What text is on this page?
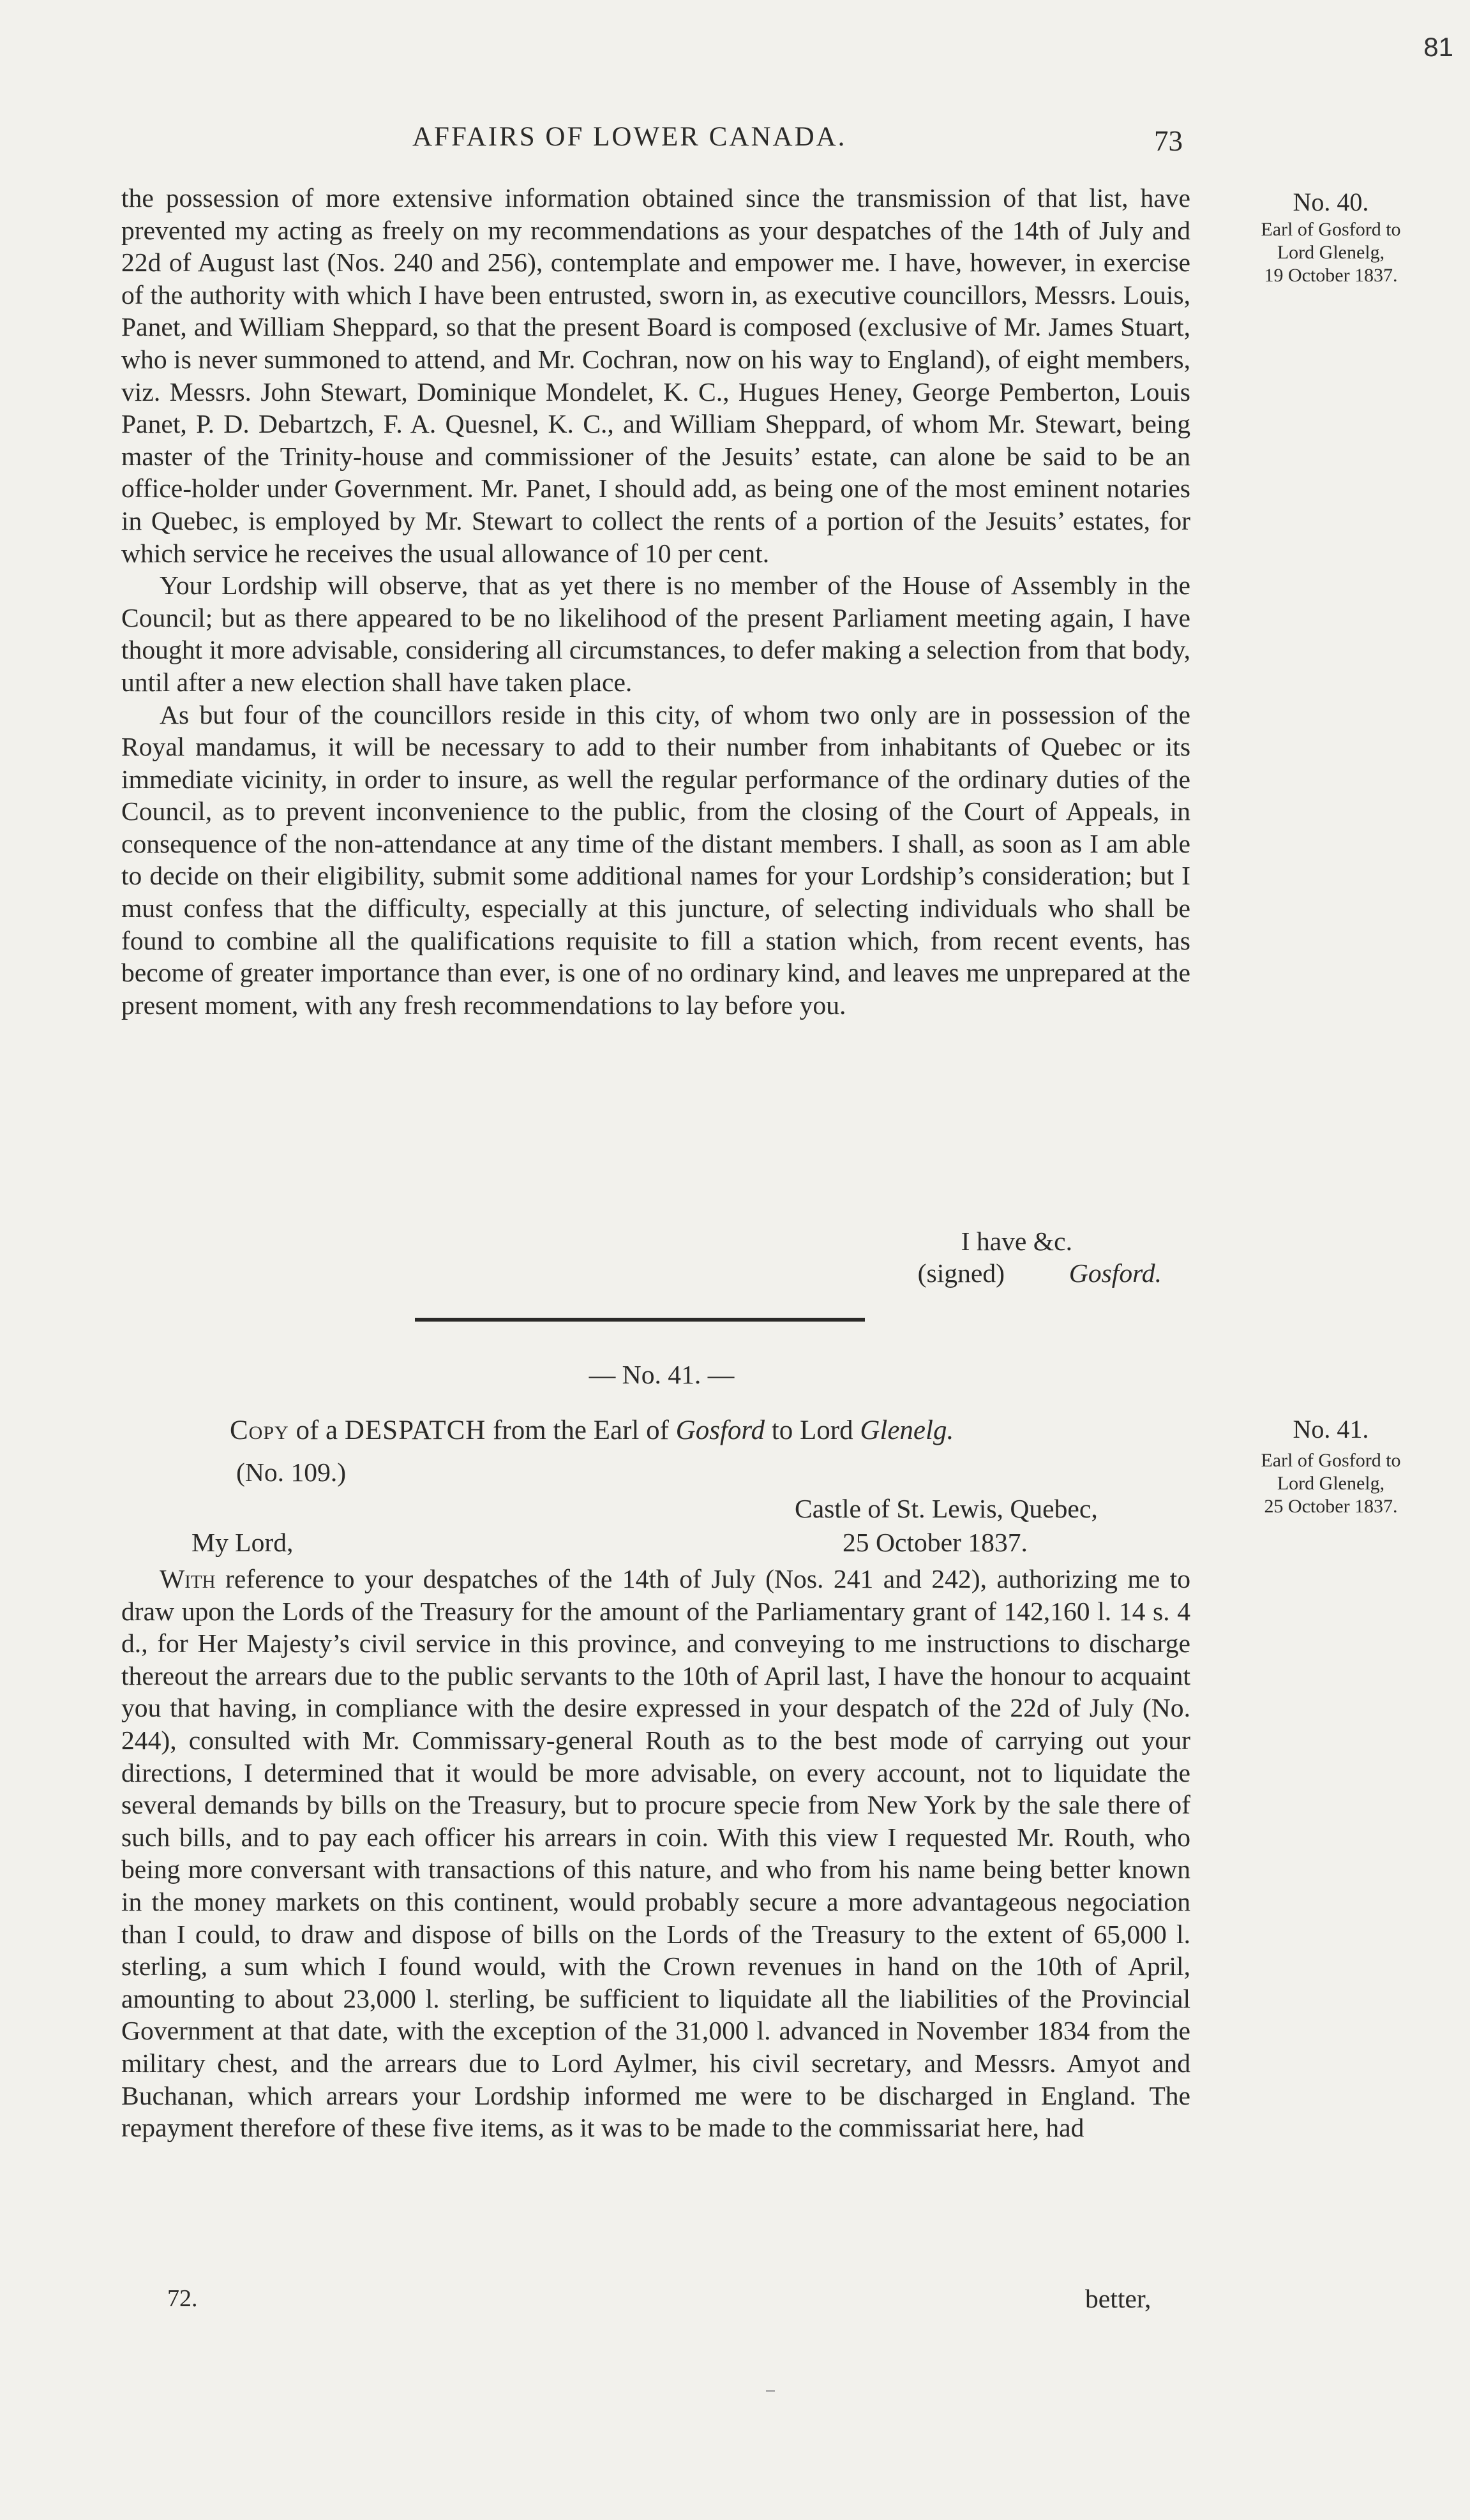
81
AFFAIRS OF LOWER CANADA.	73

the possession of more extensive information obtained since the transmission of that list, have prevented my acting as freely on my recommendations as your despatches of the 14th of July and 22d of August last (Nos. 240 and 256), contemplate and empower me. I have, however, in exercise of the authority with which I have been entrusted, sworn in, as executive councillors, Messrs. Louis, Panet, and William Sheppard, so that the present Board is composed (exclusive of Mr. James Stuart, who is never summoned to attend, and Mr. Cochran, now on his way to England), of eight members, viz. Messrs. John Stewart, Dominique Mondelet, K. C., Hugues Heney, George Pemberton, Louis Panet, P. D. Debartzch, F. A. Quesnel, K. C., and William Sheppard, of whom Mr. Stewart, being master of the Trinity-house and commissioner of the Jesuits’ estate, can alone be said to be an office-holder under Government. Mr. Panet, I should add, as being one of the most eminent notaries in Quebec, is employed by Mr. Stewart to collect the rents of a portion of the Jesuits’ estates, for which service he receives the usual allowance of 10 per cent.

Your Lordship will observe, that as yet there is no member of the House of Assembly in the Council; but as there appeared to be no likelihood of the present Parliament meeting again, I have thought it more advisable, considering all circumstances, to defer making a selection from that body, until after a new election shall have taken place.

As but four of the councillors reside in this city, of whom two only are in possession of the Royal mandamus, it will be necessary to add to their number from inhabitants of Quebec or its immediate vicinity, in order to insure, as well the regular performance of the ordinary duties of the Council, as to prevent inconvenience to the public, from the closing of the Court of Appeals, in consequence of the non-attendance at any time of the distant members. I shall, as soon as I am able to decide on their eligibility, submit some additional names for your Lordship’s consideration; but I must confess that the difficulty, especially at this juncture, of selecting individuals who shall be found to combine all the qualifications requisite to fill a station which, from recent events, has become of greater importance than ever, is one of no ordinary kind, and leaves me unprepared at the present moment, with any fresh recommendations to lay before you.

No. 40.
Earl of Gosford to
Lord Glenelg,
19 October 1837.
I have &c.
(signed) Gosford.
— No. 41. —
Copy of a DESPATCH from the Earl of Gosford to Lord Glenelg.	No. 41.
Earl of Gosford to
Lord Glenelg,
25 October 1837.
(No. 109.)
Castle of St. Lewis, Quebec,
My Lord,	25 October 1837.

With reference to your despatches of the 14th of July (Nos. 241 and 242), authorizing me to draw upon the Lords of the Treasury for the amount of the Parliamentary grant of 142,160 l. 14 s. 4 d., for Her Majesty’s civil service in this province, and conveying to me instructions to discharge thereout the arrears due to the public servants to the 10th of April last, I have the honour to acquaint you that having, in compliance with the desire expressed in your despatch of the 22d of July (No. 244), consulted with Mr. Commissary-general Routh as to the best mode of carrying out your directions, I determined that it would be more advisable, on every account, not to liquidate the several demands by bills on the Treasury, but to procure specie from New York by the sale there of such bills, and to pay each officer his arrears in coin. With this view I requested Mr. Routh, who being more conversant with transactions of this nature, and who from his name being better known in the money markets on this continent, would probably secure a more advantageous negociation than I could, to draw and dispose of bills on the Lords of the Treasury to the extent of 65,000 l. sterling, a sum which I found would, with the Crown revenues in hand on the 10th of April, amounting to about 23,000 l. sterling, be sufficient to liquidate all the liabilities of the Provincial Government at that date, with the exception of the 31,000 l. advanced in November 1834 from the military chest, and the arrears due to Lord Aylmer, his civil secretary, and Messrs. Amyot and Buchanan, which arrears your Lordship informed me were to be discharged in England. The repayment therefore of these five items, as it was to be made to the commissariat here, had

72.	better,
